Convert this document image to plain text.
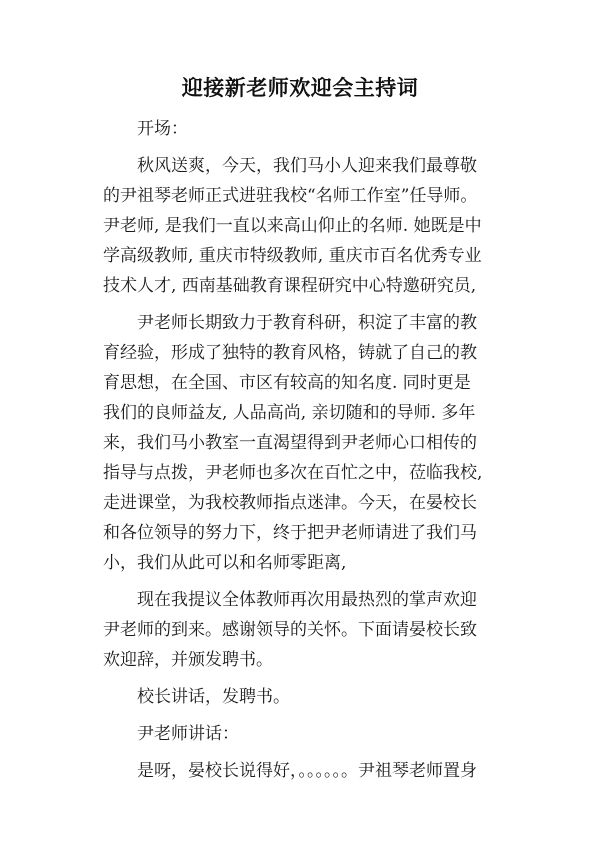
迎接新老师欢迎会主持词

开场：

秋风送爽，今天，我们马小人迎来我们最尊敬

的尹祖琴老师正式进驻我校“名师工作室”任导师。

尹老师, 是我们一直以来高山仰止的名师. 她既是中

学高级教师, 重庆市特级教师, 重庆市百名优秀专业

技术人才, 西南基础教育课程研究中心特邀研究员,

尹老师长期致力于教育科研，积淀了丰富的教

育经验，形成了独特的教育风格，铸就了自己的教

育思想，在全国、市区有较高的知名度. 同时更是

我们的良师益友, 人品高尚, 亲切随和的导师. 多年

来，我们马小教室一直渴望得到尹老师心口相传的

指导与点拨，尹老师也多次在百忙之中，莅临我校,

走进课堂，为我校教师指点迷津。今天，在晏校长

和各位领导的努力下，终于把尹老师请进了我们马

小，我们从此可以和名师零距离,

现在我提议全体教师再次用最热烈的掌声欢迎

尹老师的到来。感谢领导的关怀。下面请晏校长致

欢迎辞，并颁发聘书。

校长讲话，发聘书。

尹老师讲话：

是呀，晏校长说得好，。。。。。。尹祖琴老师置身
